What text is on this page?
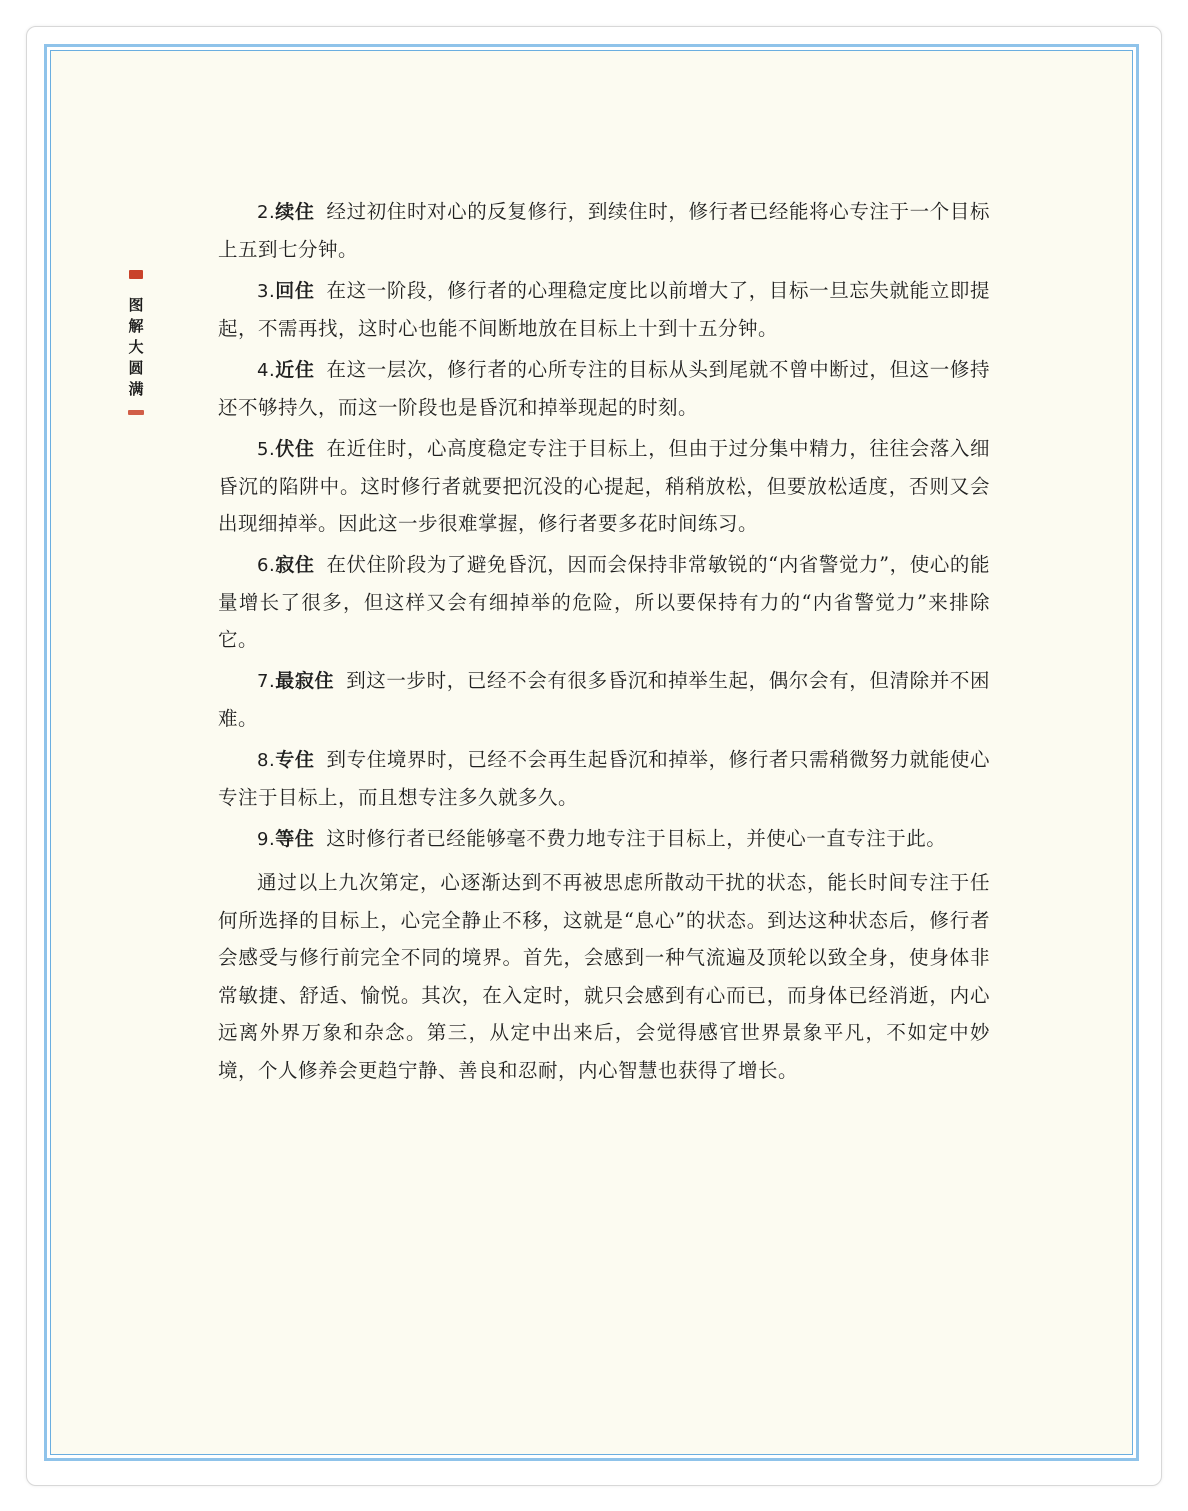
图
解
大
圆
满

2.续住 经过初住时对心的反复修行，到续住时，修行者已经能将心专注于一个目标上五到七分钟。

3.回住 在这一阶段，修行者的心理稳定度比以前增大了，目标一旦忘失就能立即提起，不需再找，这时心也能不间断地放在目标上十到十五分钟。

4.近住 在这一层次，修行者的心所专注的目标从头到尾就不曾中断过，但这一修持还不够持久，而这一阶段也是昏沉和掉举现起的时刻。

5.伏住 在近住时，心高度稳定专注于目标上，但由于过分集中精力，往往会落入细昏沉的陷阱中。这时修行者就要把沉没的心提起，稍稍放松，但要放松适度，否则又会出现细掉举。因此这一步很难掌握，修行者要多花时间练习。

6.寂住 在伏住阶段为了避免昏沉，因而会保持非常敏锐的“内省警觉力”，使心的能量增长了很多，但这样又会有细掉举的危险，所以要保持有力的“内省警觉力”来排除它。

7.最寂住 到这一步时，已经不会有很多昏沉和掉举生起，偶尔会有，但清除并不困难。

8.专住 到专住境界时，已经不会再生起昏沉和掉举，修行者只需稍微努力就能使心专注于目标上，而且想专注多久就多久。

9.等住 这时修行者已经能够毫不费力地专注于目标上，并使心一直专注于此。

通过以上九次第定，心逐渐达到不再被思虑所散动干扰的状态，能长时间专注于任何所选择的目标上，心完全静止不移，这就是“息心”的状态。到达这种状态后，修行者会感受与修行前完全不同的境界。首先，会感到一种气流遍及顶轮以致全身，使身体非常敏捷、舒适、愉悦。其次，在入定时，就只会感到有心而已，而身体已经消逝，内心远离外界万象和杂念。第三，从定中出来后，会觉得感官世界景象平凡，不如定中妙境，个人修养会更趋宁静、善良和忍耐，内心智慧也获得了增长。
